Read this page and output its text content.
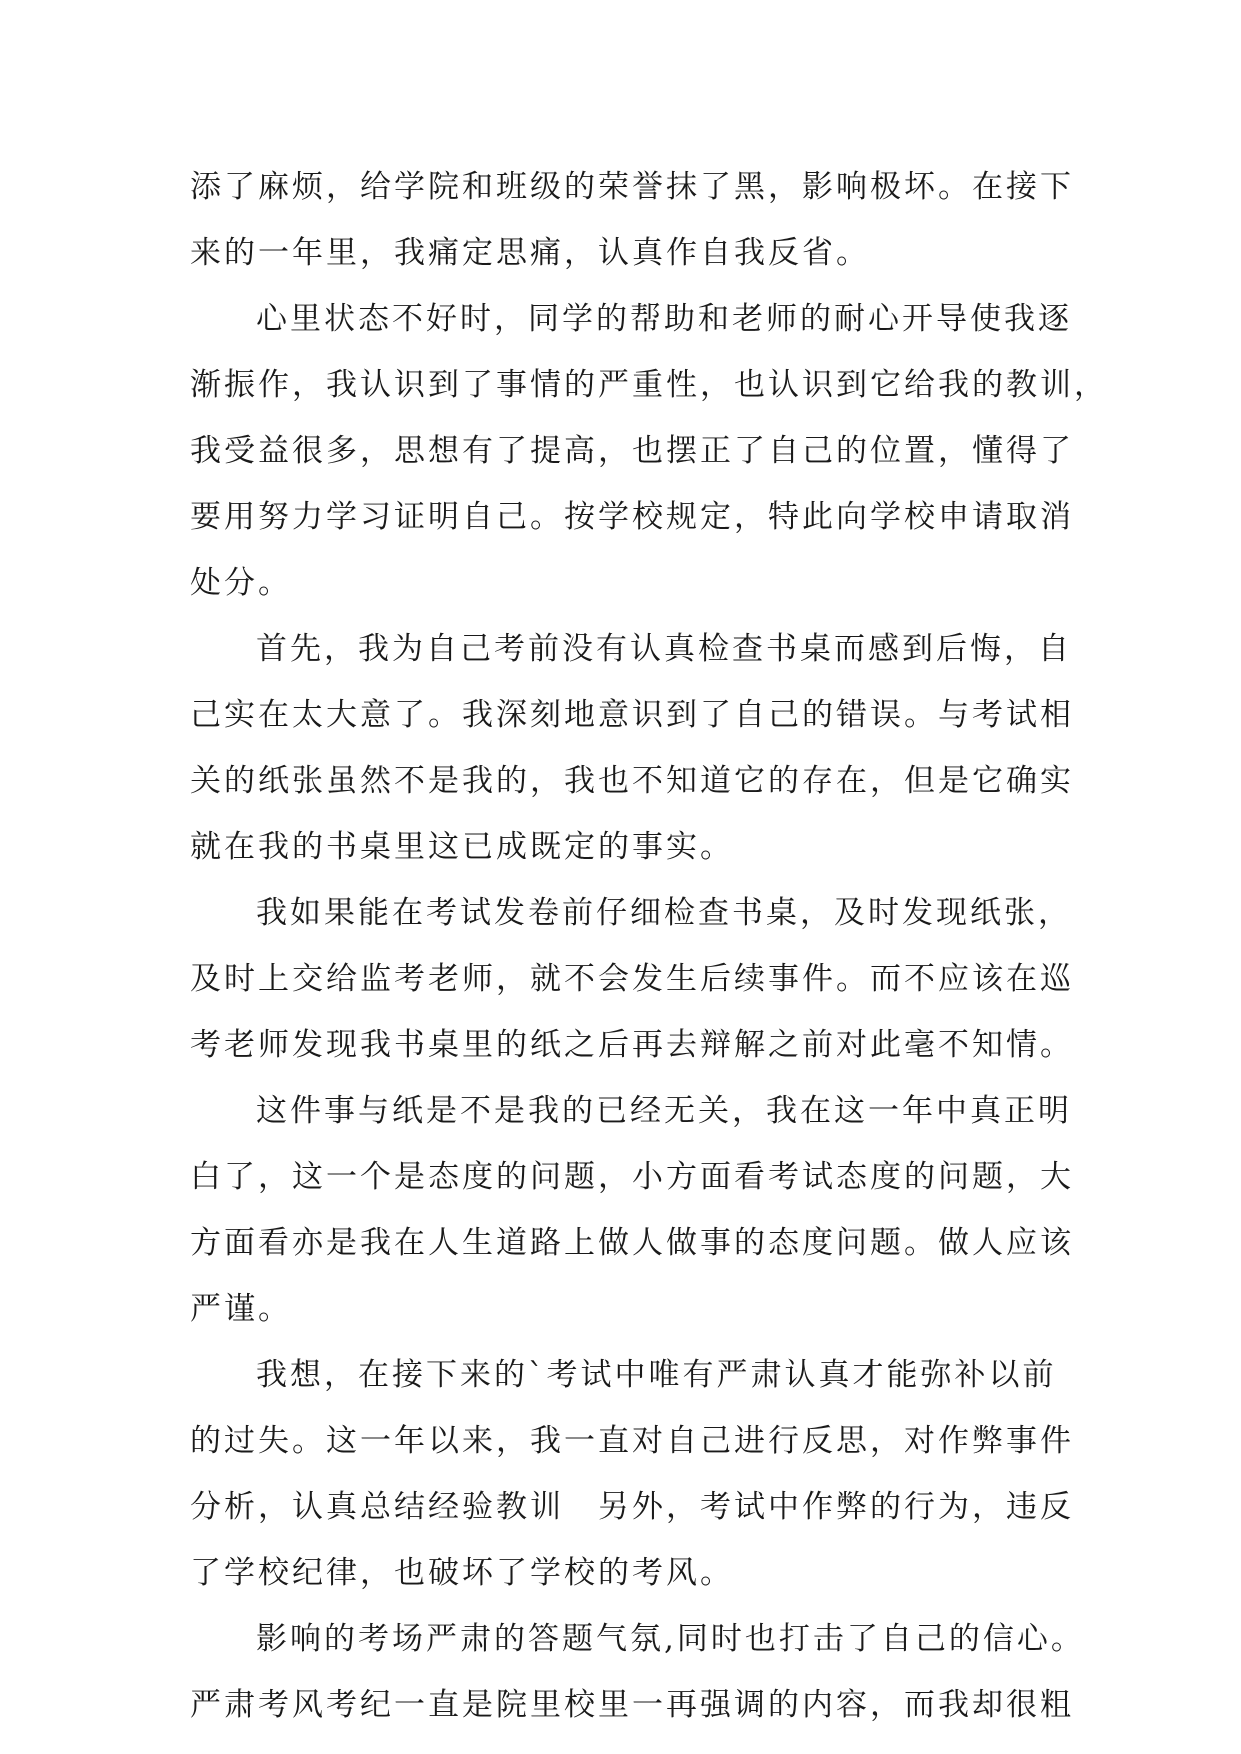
添了麻烦，给学院和班级的荣誉抹了黑，影响极坏。在接下
来的一年里，我痛定思痛，认真作自我反省。
心里状态不好时，同学的帮助和老师的耐心开导使我逐
渐振作，我认识到了事情的严重性，也认识到它给我的教训，
我受益很多，思想有了提高，也摆正了自己的位置，懂得了
要用努力学习证明自己。按学校规定，特此向学校申请取消
处分。
首先，我为自己考前没有认真检查书桌而感到后悔，自
己实在太大意了。我深刻地意识到了自己的错误。与考试相
关的纸张虽然不是我的，我也不知道它的存在，但是它确实
就在我的书桌里这已成既定的事实。
我如果能在考试发卷前仔细检查书桌，及时发现纸张，
及时上交给监考老师，就不会发生后续事件。而不应该在巡
考老师发现我书桌里的纸之后再去辩解之前对此毫不知情。
这件事与纸是不是我的已经无关，我在这一年中真正明
白了，这一个是态度的问题，小方面看考试态度的问题，大
方面看亦是我在人生道路上做人做事的态度问题。做人应该
严谨。
我想，在接下来的`考试中唯有严肃认真才能弥补以前
的过失。这一年以来，我一直对自己进行反思，对作弊事件
分析，认真总结经验教训　另外，考试中作弊的行为，违反
了学校纪律，也破坏了学校的考风。
影响的考场严肃的答题气氛,同时也打击了自己的信心。
严肃考风考纪一直是院里校里一再强调的内容，而我却很粗
